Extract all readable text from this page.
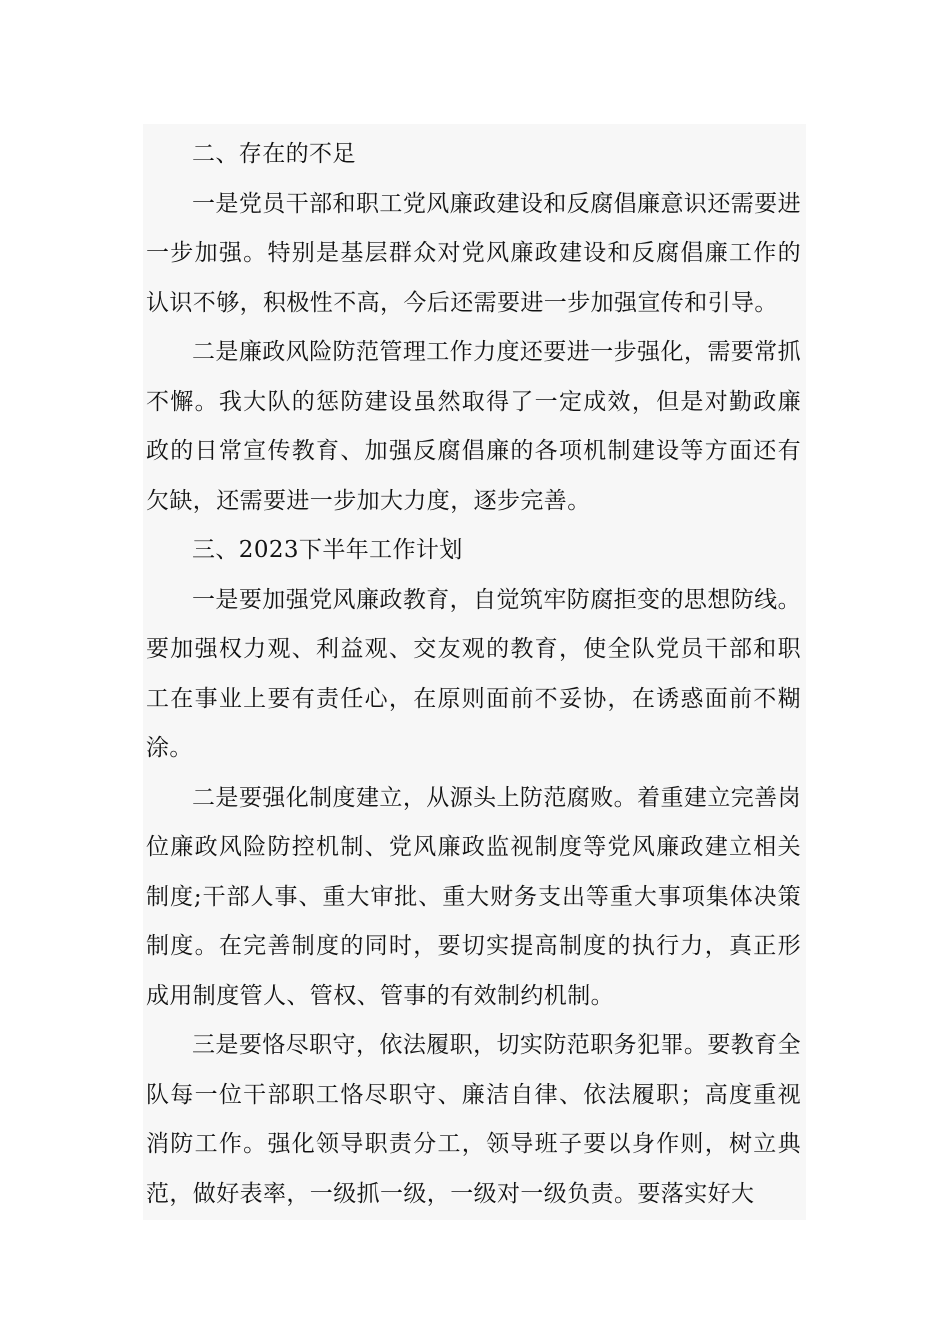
二、存在的不足

一是党员干部和职工党风廉政建设和反腐倡廉意识还需要进一步加强。特别是基层群众对党风廉政建设和反腐倡廉工作的认识不够，积极性不高，今后还需要进一步加强宣传和引导。

二是廉政风险防范管理工作力度还要进一步强化，需要常抓不懈。我大队的惩防建设虽然取得了一定成效，但是对勤政廉政的日常宣传教育、加强反腐倡廉的各项机制建设等方面还有欠缺，还需要进一步加大力度，逐步完善。

三、2023下半年工作计划

一是要加强党风廉政教育，自觉筑牢防腐拒变的思想防线。要加强权力观、利益观、交友观的教育，使全队党员干部和职工在事业上要有责任心，在原则面前不妥协，在诱惑面前不糊涂。

二是要强化制度建立，从源头上防范腐败。着重建立完善岗位廉政风险防控机制、党风廉政监视制度等党风廉政建立相关制度;干部人事、重大审批、重大财务支出等重大事项集体决策制度。在完善制度的同时，要切实提高制度的执行力，真正形成用制度管人、管权、管事的有效制约机制。

三是要恪尽职守，依法履职，切实防范职务犯罪。要教育全队每一位干部职工恪尽职守、廉洁自律、依法履职；高度重视消防工作。强化领导职责分工，领导班子要以身作则，树立典范，做好表率，一级抓一级，一级对一级负责。要落实好大
